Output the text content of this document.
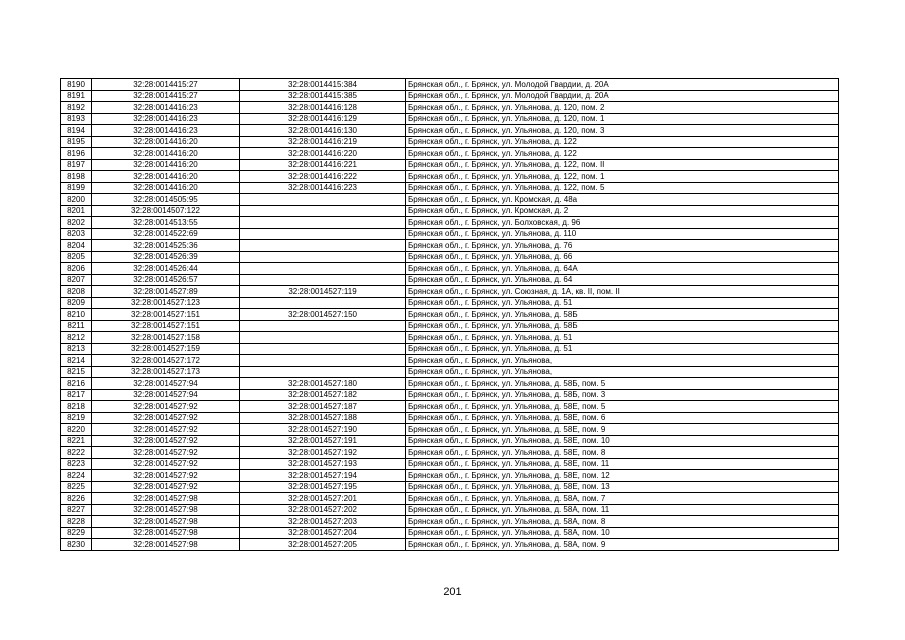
8190	32:28:0014415:27	32:28:0014415:384	Брянская обл., г. Брянск, ул. Молодой Гвардии, д. 20А
8191	32:28:0014415:27	32:28:0014415:385	Брянская обл., г. Брянск, ул. Молодой Гвардии, д. 20А
8192	32:28:0014416:23	32:28:0014416:128	Брянская обл., г. Брянск, ул. Ульянова, д. 120, пом. 2
8193	32:28:0014416:23	32:28:0014416:129	Брянская обл., г. Брянск, ул. Ульянова, д. 120, пом. 1
8194	32:28:0014416:23	32:28:0014416:130	Брянская обл., г. Брянск, ул. Ульянова, д. 120, пом. 3
8195	32:28:0014416:20	32:28:0014416:219	Брянская обл., г. Брянск, ул. Ульянова, д. 122
8196	32:28:0014416:20	32:28:0014416:220	Брянская обл., г. Брянск, ул. Ульянова, д. 122
8197	32:28:0014416:20	32:28:0014416:221	Брянская обл., г. Брянск, ул. Ульянова, д. 122, пом. II
8198	32:28:0014416:20	32:28:0014416:222	Брянская обл., г. Брянск, ул. Ульянова, д. 122, пом. 1
8199	32:28:0014416:20	32:28:0014416:223	Брянская обл., г. Брянск, ул. Ульянова, д. 122, пом. 5
8200	32:28:0014505:95		Брянская обл., г. Брянск, ул. Кромская, д. 48а
8201	32:28:0014507:122		Брянская обл., г. Брянск, ул. Кромская, д. 2
8202	32:28:0014513:55		Брянская обл., г. Брянск, ул. Болховская, д. 96
8203	32:28:0014522:69		Брянская обл., г. Брянск, ул. Ульянова, д. 110
8204	32:28:0014525:36		Брянская обл., г. Брянск, ул. Ульянова, д. 76
8205	32:28:0014526:39		Брянская обл., г. Брянск, ул. Ульянова, д. 66
8206	32:28:0014526:44		Брянская обл., г. Брянск, ул. Ульянова, д. 64А
8207	32:28:0014526:57		Брянская обл., г. Брянск, ул. Ульянова, д. 64
8208	32:28:0014527:89	32:28:0014527:119	Брянская обл., г. Брянск, ул. Союзная, д. 1А, кв. II, пом. II
8209	32:28:0014527:123		Брянская обл., г. Брянск, ул. Ульянова, д. 51
8210	32:28:0014527:151	32:28:0014527:150	Брянская обл., г. Брянск, ул. Ульянова, д. 58Б
8211	32:28:0014527:151		Брянская обл., г. Брянск, ул. Ульянова, д. 58Б
8212	32:28:0014527:158		Брянская обл., г. Брянск, ул. Ульянова, д. 51
8213	32:28:0014527:159		Брянская обл., г. Брянск, ул. Ульянова, д. 51
8214	32:28:0014527:172		Брянская обл., г. Брянск, ул. Ульянова,
8215	32:28:0014527:173		Брянская обл., г. Брянск, ул. Ульянова,
8216	32:28:0014527:94	32:28:0014527:180	Брянская обл., г. Брянск, ул. Ульянова, д. 58Б, пом. 5
8217	32:28:0014527:94	32:28:0014527:182	Брянская обл., г. Брянск, ул. Ульянова, д. 58Б, пом. 3
8218	32:28:0014527:92	32:28:0014527:187	Брянская обл., г. Брянск, ул. Ульянова, д. 58Е, пом. 5
8219	32:28:0014527:92	32:28:0014527:188	Брянская обл., г. Брянск, ул. Ульянова, д. 58Е, пом. 6
8220	32:28:0014527:92	32:28:0014527:190	Брянская обл., г. Брянск, ул. Ульянова, д. 58Е, пом. 9
8221	32:28:0014527:92	32:28:0014527:191	Брянская обл., г. Брянск, ул. Ульянова, д. 58Е, пом. 10
8222	32:28:0014527:92	32:28:0014527:192	Брянская обл., г. Брянск, ул. Ульянова, д. 58Е, пом. 8
8223	32:28:0014527:92	32:28:0014527:193	Брянская обл., г. Брянск, ул. Ульянова, д. 58Е, пом. 11
8224	32:28:0014527:92	32:28:0014527:194	Брянская обл., г. Брянск, ул. Ульянова, д. 58Е, пом. 12
8225	32:28:0014527:92	32:28:0014527:195	Брянская обл., г. Брянск, ул. Ульянова, д. 58Е, пом. 13
8226	32:28:0014527:98	32:28:0014527:201	Брянская обл., г. Брянск, ул. Ульянова, д. 58А, пом. 7
8227	32:28:0014527:98	32:28:0014527:202	Брянская обл., г. Брянск, ул. Ульянова, д. 58А, пом. 11
8228	32:28:0014527:98	32:28:0014527:203	Брянская обл., г. Брянск, ул. Ульянова, д. 58А, пом. 8
8229	32:28:0014527:98	32:28:0014527:204	Брянская обл., г. Брянск, ул. Ульянова, д. 58А, пом. 10
8230	32:28:0014527:98	32:28:0014527:205	Брянская обл., г. Брянск, ул. Ульянова, д. 58А, пом. 9
201
